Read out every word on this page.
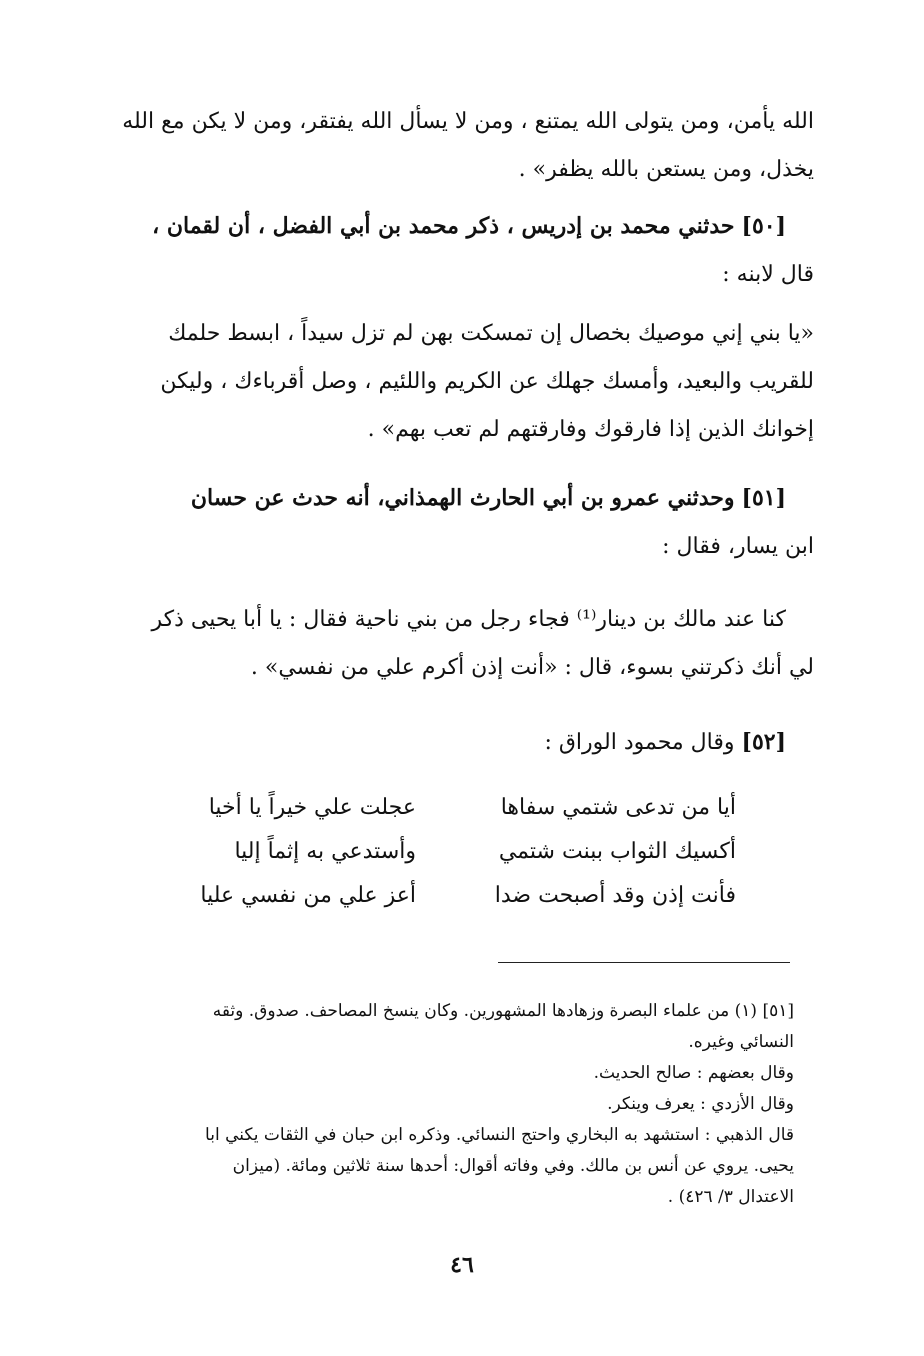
الله يأمن، ومن يتولى الله يمتنع ، ومن لا يسأل الله يفتقر، ومن لا يكن مع الله
يخذل، ومن يستعن بالله يظفر» .
[٥٠] حدثني محمد بن إدريس ، ذكر محمد بن أبي الفضل ، أن لقمان ،
قال لابنه :
«يا بني إني موصيك بخصال إن تمسكت بهن لم تزل سيداً ، ابسط حلمك
للقريب والبعيد، وأمسك جهلك عن الكريم واللئيم ، وصل أقرباءك ، وليكن
إخوانك الذين إذا فارقوك وفارقتهم لم تعب بهم» .
[٥١] وحدثني عمرو بن أبي الحارث الهمذاني، أنه حدث عن حسان
ابن يسار، فقال :
كنا عند مالك بن دينار⁽¹⁾ فجاء رجل من بني ناحية فقال : يا أبا يحيى ذكر
لي أنك ذكرتني بسوء، قال : «أنت إذن أكرم علي من نفسي» .
[٥٢] وقال محمود الوراق :
أيا من تدعى شتمي سفاها
عجلت علي خيراً يا أخيا
أكسيك الثواب ببنت شتمي
وأستدعي به إثماً إليا
فأنت إذن وقد أصبحت ضدا
أعز علي من نفسي عليا
[٥١] (١) من علماء البصرة وزهادها المشهورين. وكان ينسخ المصاحف. صدوق. وثقه
النسائي وغيره.
وقال بعضهم : صالح الحديث.
وقال الأزدي : يعرف وينكر.
قال الذهبي : استشهد به البخاري واحتج النسائي. وذكره ابن حبان في الثقات يكني ابا
يحيى. يروي عن أنس بن مالك. وفي وفاته أقوال: أحدها سنة ثلاثين ومائة. (ميزان
الاعتدال ٣/ ٤٢٦) .
٤٦
